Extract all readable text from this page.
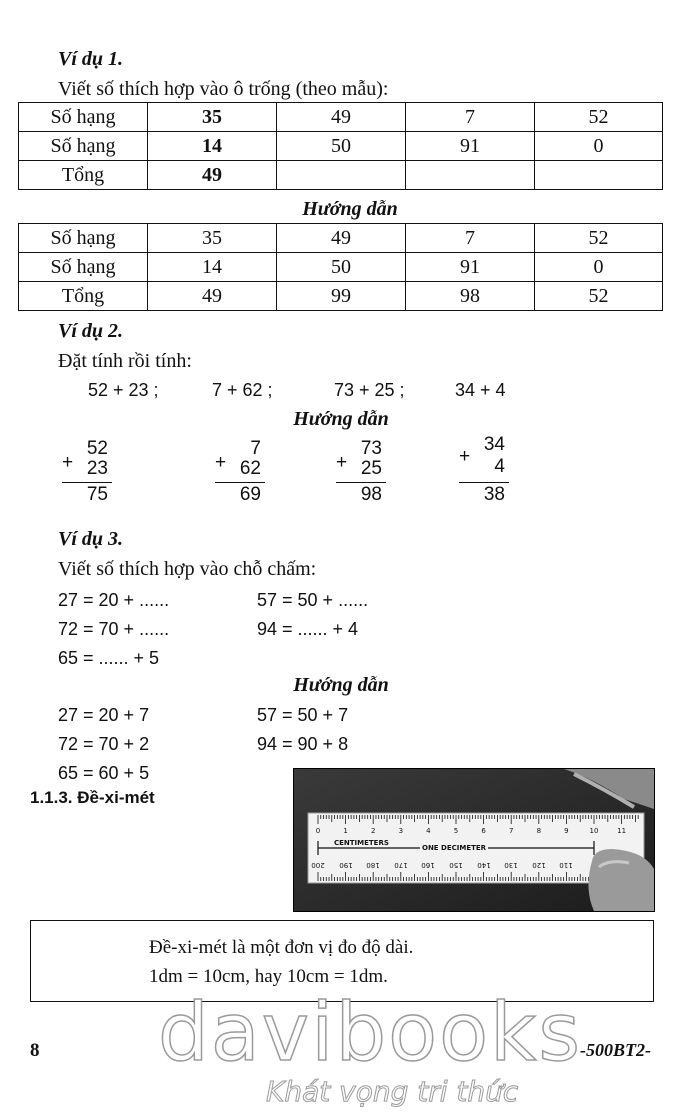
Ví dụ 1.
Viết số thích hợp vào ô trống (theo mẫu):
Số hạng	35	49	7	52
Số hạng	14	50	91	0
Tổng	49			
Hướng dẫn
Số hạng	35	49	7	52
Số hạng	14	50	91	0
Tổng	49	99	98	52
Ví dụ 2.
Đặt tính rồi tính:
52 + 23 ;	7 + 62 ;	73 + 25 ;	34 + 4
Hướng dẫn
52
+ 23
75
7
+ 62
69
73
+ 25
98
34
+ 4
38
Ví dụ 3.
Viết số thích hợp vào chỗ chấm:
27 = 20 + ......	57 = 50 + ......
72 = 70 + ......	94 = ...... + 4
65 = ...... + 5
Hướng dẫn
27 = 20 + 7	57 = 50 + 7
72 = 70 + 2	94 = 90 + 8
65 = 60 + 5
1.1.3. Đề-xi-mét
CENTIMETERS
ONE DECIMETER
0	1	2	3	4	5	6	7	8	9	10	11
200 190 180 170 160 150 140 130 120 110
Đề-xi-mét là một đơn vị đo độ dài.
1dm = 10cm, hay 10cm = 1dm.
8	-500BT2-
davibooks
Khát vọng tri thức
